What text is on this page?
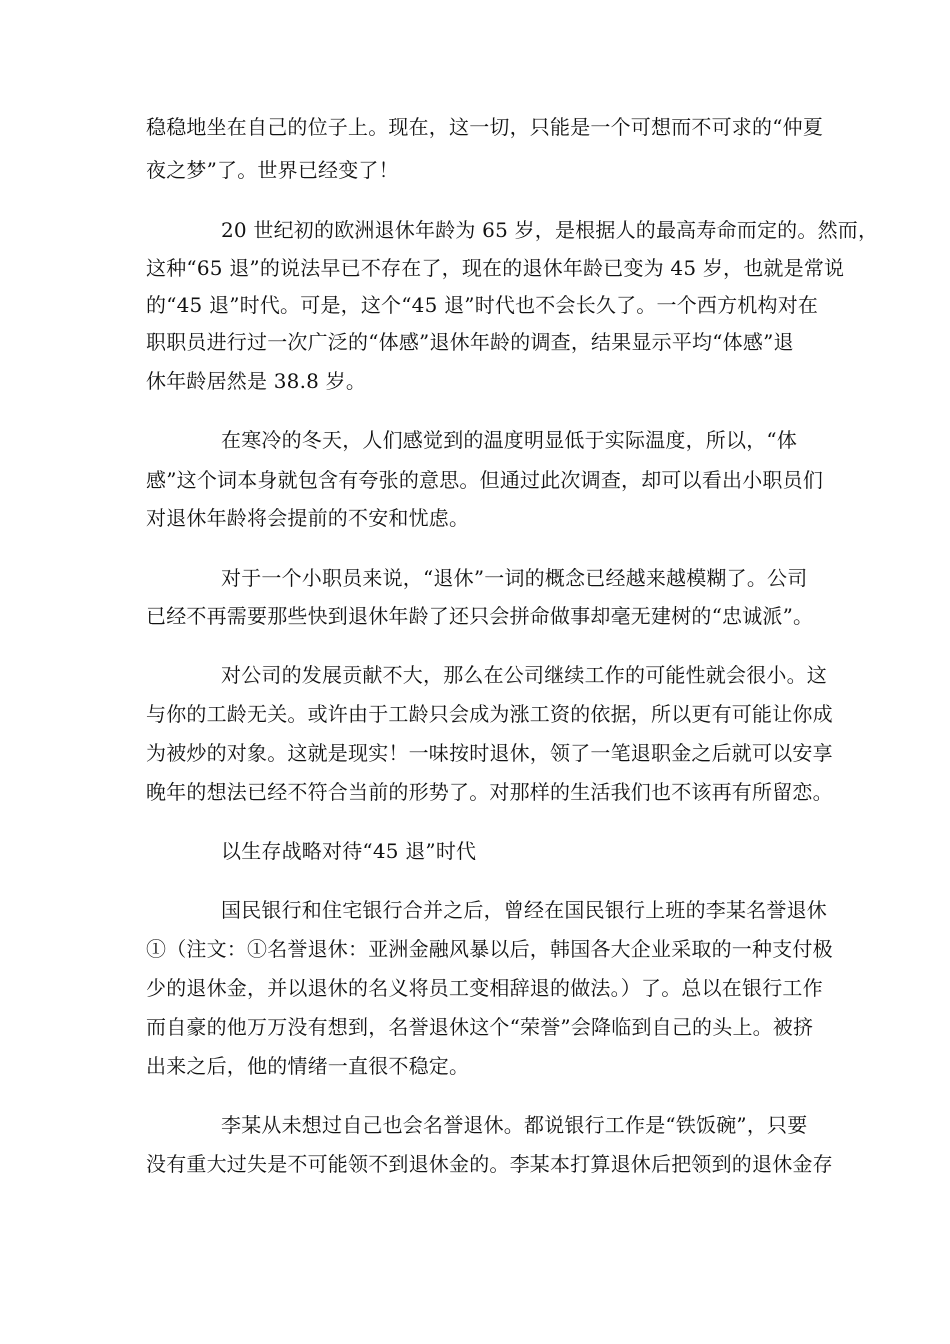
稳稳地坐在自己的位子上。现在，这一切，只能是一个可想而不可求的“仲夏
夜之梦”了。世界已经变了！
20 世纪初的欧洲退休年龄为 65 岁，是根据人的最高寿命而定的。然而，
这种“65 退”的说法早已不存在了，现在的退休年龄已变为 45 岁，也就是常说
的“45 退”时代。可是，这个“45 退”时代也不会长久了。一个西方机构对在
职职员进行过一次广泛的“体感”退休年龄的调查，结果显示平均“体感”退
休年龄居然是 38.8 岁。
在寒冷的冬天，人们感觉到的温度明显低于实际温度，所以，“体
感”这个词本身就包含有夸张的意思。但通过此次调查，却可以看出小职员们
对退休年龄将会提前的不安和忧虑。
对于一个小职员来说，“退休”一词的概念已经越来越模糊了。公司
已经不再需要那些快到退休年龄了还只会拼命做事却毫无建树的“忠诚派”。
对公司的发展贡献不大，那么在公司继续工作的可能性就会很小。这
与你的工龄无关。或许由于工龄只会成为涨工资的依据，所以更有可能让你成
为被炒的对象。这就是现实！一味按时退休，领了一笔退职金之后就可以安享
晚年的想法已经不符合当前的形势了。对那样的生活我们也不该再有所留恋。
以生存战略对待“45 退”时代
国民银行和住宅银行合并之后，曾经在国民银行上班的李某名誉退休
①（注文：①名誉退休：亚洲金融风暴以后，韩国各大企业采取的一种支付极
少的退休金，并以退休的名义将员工变相辞退的做法。）了。总以在银行工作
而自豪的他万万没有想到，名誉退休这个“荣誉”会降临到自己的头上。被挤
出来之后，他的情绪一直很不稳定。
李某从未想过自己也会名誉退休。都说银行工作是“铁饭碗”，只要
没有重大过失是不可能领不到退休金的。李某本打算退休后把领到的退休金存
